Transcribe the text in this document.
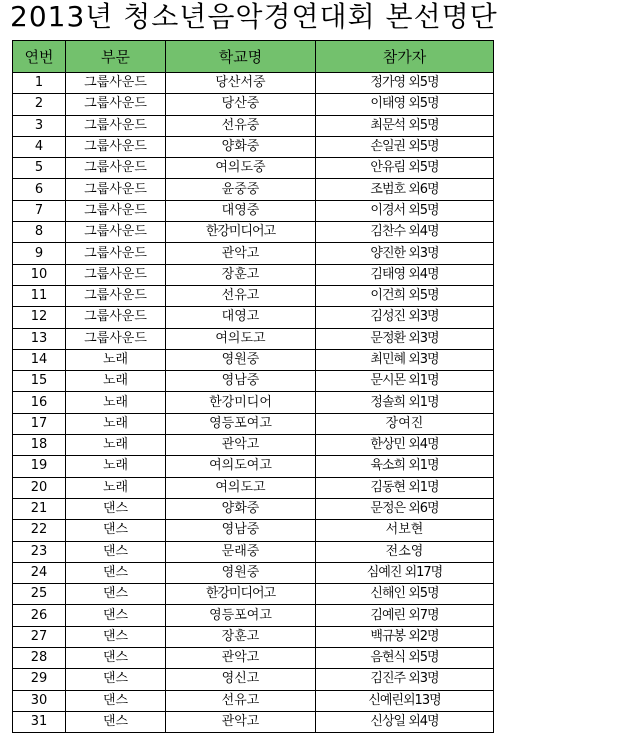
2013년 청소년음악경연대회 본선명단
연번	부문	학교명	참가자
1	그룹사운드	당산서중	정가영 외5명
2	그룹사운드	당산중	이태영 외5명
3	그룹사운드	선유중	최문석 외5명
4	그룹사운드	양화중	손일권 외5명
5	그룹사운드	여의도중	안유림 외5명
6	그룹사운드	윤중중	조범호 외6명
7	그룹사운드	대영중	이경서 외5명
8	그룹사운드	한강미디어고	김찬수 외4명
9	그룹사운드	관악고	양진한 외3명
10	그룹사운드	장훈고	김태영 외4명
11	그룹사운드	선유고	이건희 외5명
12	그룹사운드	대영고	김성진 외3명
13	그룹사운드	여의도고	문정환 외3명
14	노래	영원중	최민혜 외3명
15	노래	영남중	문시몬 외1명
16	노래	한강미디어	정솔희 외1명
17	노래	영등포여고	장여진
18	노래	관악고	한상민 외4명
19	노래	여의도여고	육소희 외1명
20	노래	여의도고	김동현 외1명
21	댄스	양화중	문정은 외6명
22	댄스	영남중	서보현
23	댄스	문래중	전소영
24	댄스	영원중	심예진 외17명
25	댄스	한강미디어고	신해인 외5명
26	댄스	영등포여고	김예린 외7명
27	댄스	장훈고	백규봉 외2명
28	댄스	관악고	음현식 외5명
29	댄스	영신고	김진주 외3명
30	댄스	선유고	신예린외13명
31	댄스	관악고	신상일 외4명
